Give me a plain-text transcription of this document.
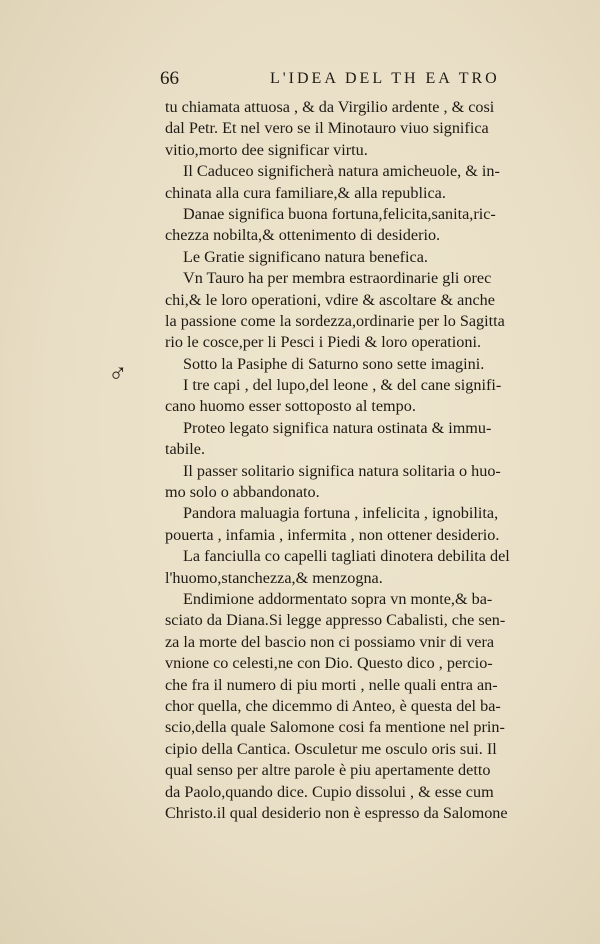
66	L'IDEA DEL TH EA TRO
♂
tu chiamata attuosa , & da Virgilio ardente , & cosi
dal Petr. Et nel vero se il Minotauro viuo significa
vitio,morto dee significar virtu.
Il Caduceo significherà natura amicheuole, & in-
chinata alla cura familiare,& alla republica.
Danae significa buona fortuna,felicita,sanita,ric-
chezza nobilta,& ottenimento di desiderio.
Le Gratie significano natura benefica.
Vn Tauro ha per membra estraordinarie gli orec
chi,& le loro operationi, vdire & ascoltare & anche
la passione come la sordezza,ordinarie per lo Sagitta
rio le cosce,per li Pesci i Piedi & loro operationi.
Sotto la Pasiphe di Saturno sono sette imagini.
I tre capi , del lupo,del leone , & del cane signifi-
cano huomo esser sottoposto al tempo.
Proteo legato significa natura ostinata & immu-
tabile.
Il passer solitario significa natura solitaria o huo-
mo solo o abbandonato.
Pandora maluagia fortuna , infelicita , ignobilita,
pouerta , infamia , infermita , non ottener desiderio.
La fanciulla co capelli tagliati dinotera debilita del
l'huomo,stanchezza,& menzogna.
Endimione addormentato sopra vn monte,& ba-
sciato da Diana.Si legge appresso Cabalisti, che sen-
za la morte del bascio non ci possiamo vnir di vera
vnione co celesti,ne con Dio. Questo dico , percio-
che fra il numero di piu morti , nelle quali entra an-
chor quella, che dicemmo di Anteo, è questa del ba-
scio,della quale Salomone cosi fa mentione nel prin-
cipio della Cantica. Osculetur me osculo oris sui. Il
qual senso per altre parole è piu apertamente detto
da Paolo,quando dice. Cupio dissolui , & esse cum
Christo.il qual desiderio non è espresso da Salomone
